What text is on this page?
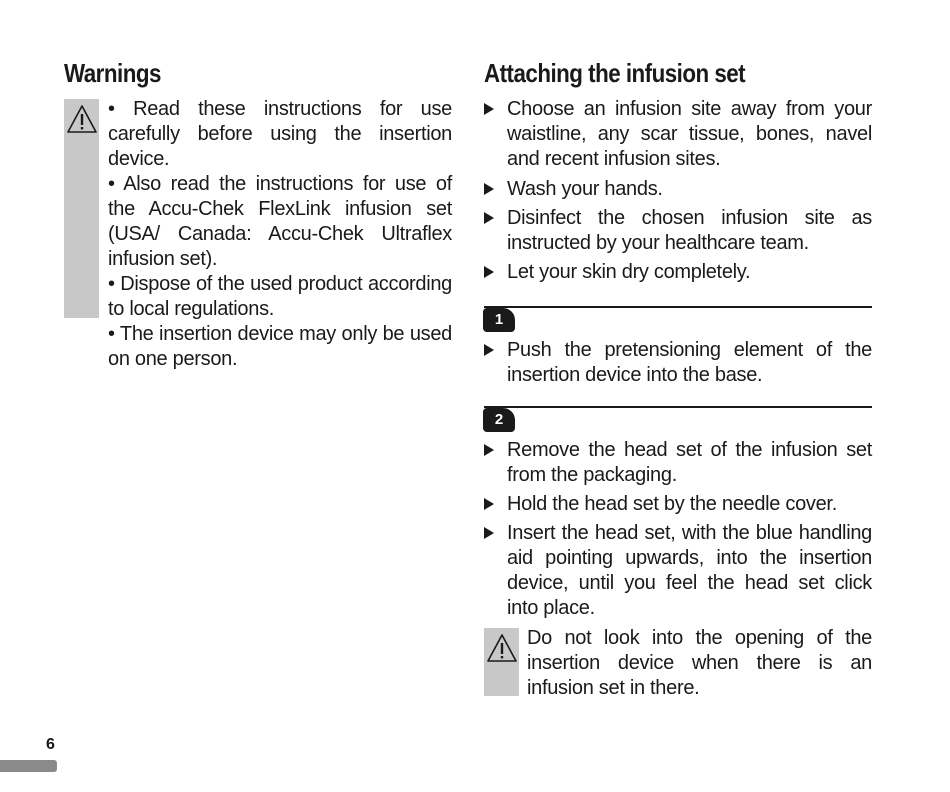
Warnings

• Read these instructions for use carefully before using the insertion device.

• Also read the instructions for use of the Accu-Chek FlexLink infusion set (USA/ Canada: Accu-Chek Ultraflex infusion set).

• Dispose of the used product according to local regulations.

• The insertion device may only be used on one person.

Attaching the infusion set
Choose an infusion site away from your waistline, any scar tissue, bones, navel and recent infusion sites.
Wash your hands.
Disinfect the chosen infusion site as instructed by your healthcare team.
Let your skin dry completely.
1
Push the pretensioning element of the insertion device into the base.
2
Remove the head set of the infusion set from the packaging.
Hold the head set by the needle cover.
Insert the head set, with the blue handling aid pointing upwards, into the insertion device, until you feel the head set click into place.
Do not look into the opening of the insertion device when there is an infusion set in there.
6
